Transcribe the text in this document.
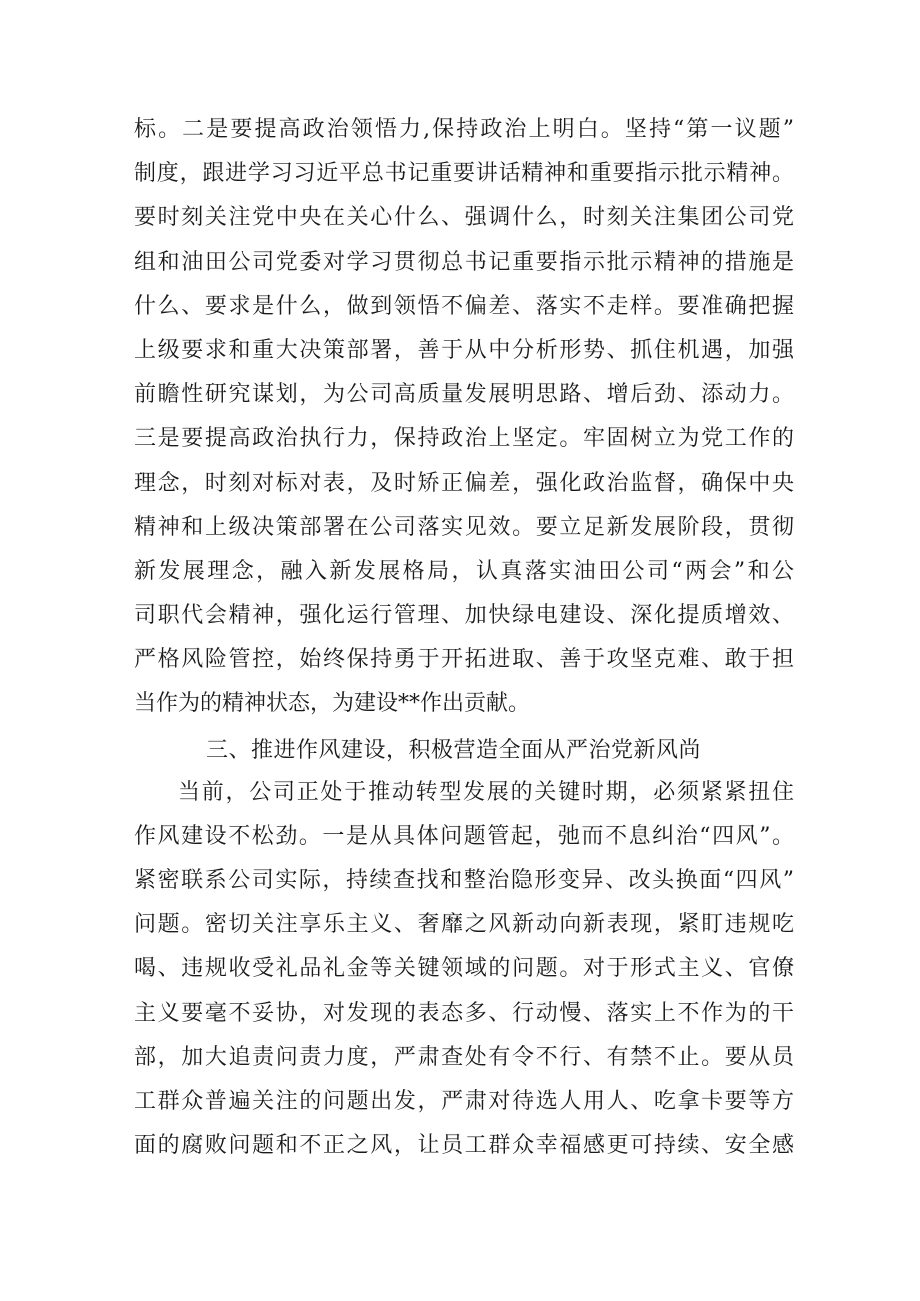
标。二是要提高政治领悟力,保持政治上明白。坚持“第一议题”
制度，跟进学习习近平总书记重要讲话精神和重要指示批示精神。
要时刻关注党中央在关心什么、强调什么，时刻关注集团公司党
组和油田公司党委对学习贯彻总书记重要指示批示精神的措施是
什么、要求是什么，做到领悟不偏差、落实不走样。要准确把握
上级要求和重大决策部署，善于从中分析形势、抓住机遇，加强
前瞻性研究谋划，为公司高质量发展明思路、增后劲、添动力。
三是要提高政治执行力，保持政治上坚定。牢固树立为党工作的
理念，时刻对标对表，及时矫正偏差，强化政治监督，确保中央
精神和上级决策部署在公司落实见效。要立足新发展阶段，贯彻
新发展理念，融入新发展格局，认真落实油田公司“两会”和公
司职代会精神，强化运行管理、加快绿电建设、深化提质增效、
严格风险管控，始终保持勇于开拓进取、善于攻坚克难、敢于担
当作为的精神状态，为建设**作出贡献。
三、推进作风建设，积极营造全面从严治党新风尚
当前，公司正处于推动转型发展的关键时期，必须紧紧扭住
作风建设不松劲。一是从具体问题管起，弛而不息纠治“四风”。
紧密联系公司实际，持续查找和整治隐形变异、改头换面“四风”
问题。密切关注享乐主义、奢靡之风新动向新表现，紧盯违规吃
喝、违规收受礼品礼金等关键领域的问题。对于形式主义、官僚
主义要毫不妥协，对发现的表态多、行动慢、落实上不作为的干
部，加大追责问责力度，严肃查处有令不行、有禁不止。要从员
工群众普遍关注的问题出发，严肃对待选人用人、吃拿卡要等方
面的腐败问题和不正之风，让员工群众幸福感更可持续、安全感
